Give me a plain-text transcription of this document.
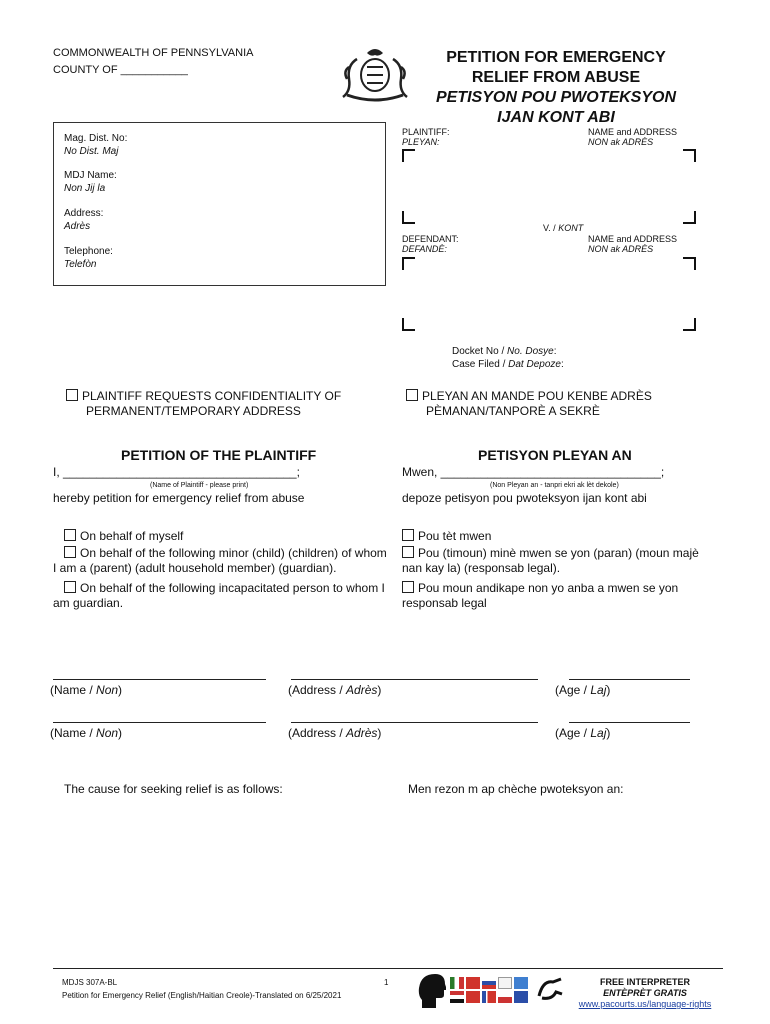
COMMONWEALTH OF PENNSYLVANIA
COUNTY OF ___________
PETITION FOR EMERGENCY
RELIEF FROM ABUSE
PETISYON POU PWOTEKSYON
IJAN KONT ABI
Mag. Dist. No:
No Dist. Maj
MDJ Name:
Non Jij la
Address:
Adrès
Telephone:
Telefòn
PLAINTIFF:
PLEYAN:
NAME and ADDRESS
NON ak ADRÈS
V. / KONT
DEFENDANT:
DEFANDÈ:
NAME and ADDRESS
NON ak ADRÈS
Docket No / No. Dosye:
Case Filed / Dat Depoze:
PLAINTIFF REQUESTS CONFIDENTIALITY OF
PERMANENT/TEMPORARY ADDRESS
PLEYAN AN MANDE POU KENBE ADRÈS
PÈMANAN/TANPORÈ A SEKRÈ
PETITION OF THE PLAINTIFF	PETISYON PLEYAN AN
I, ___________________________________;	Mwen, _________________________________;
(Name of Plaintiff - please print)	(Non Pleyan an - tanpri ekri ak lèt dekole)
hereby petition for emergency relief from abuse	depoze petisyon pou pwoteksyon ijan kont abi
On behalf of myself
On behalf of the following minor (child) (children) of whom I am a (parent) (adult household member) (guardian).
On behalf of the following incapacitated person to whom I am guardian.
Pou tèt mwen
Pou (timoun) minè mwen se yon (paran) (moun majè nan kay la) (responsab legal).
Pou moun andikape non yo anba a mwen se yon responsab legal
(Name / Non)	(Address / Adrès)	(Age / Laj)
(Name / Non)	(Address / Adrès)	(Age / Laj)
The cause for seeking relief is as follows:	Men rezon m ap chèche pwoteksyon an:
MDJS 307A-BL
Petition for Emergency Relief (English/Haitian Creole)-Translated on 6/25/2021
1	FREE INTERPRETER
ENTÈPRÈT GRATIS
www.pacourts.us/language-rights
